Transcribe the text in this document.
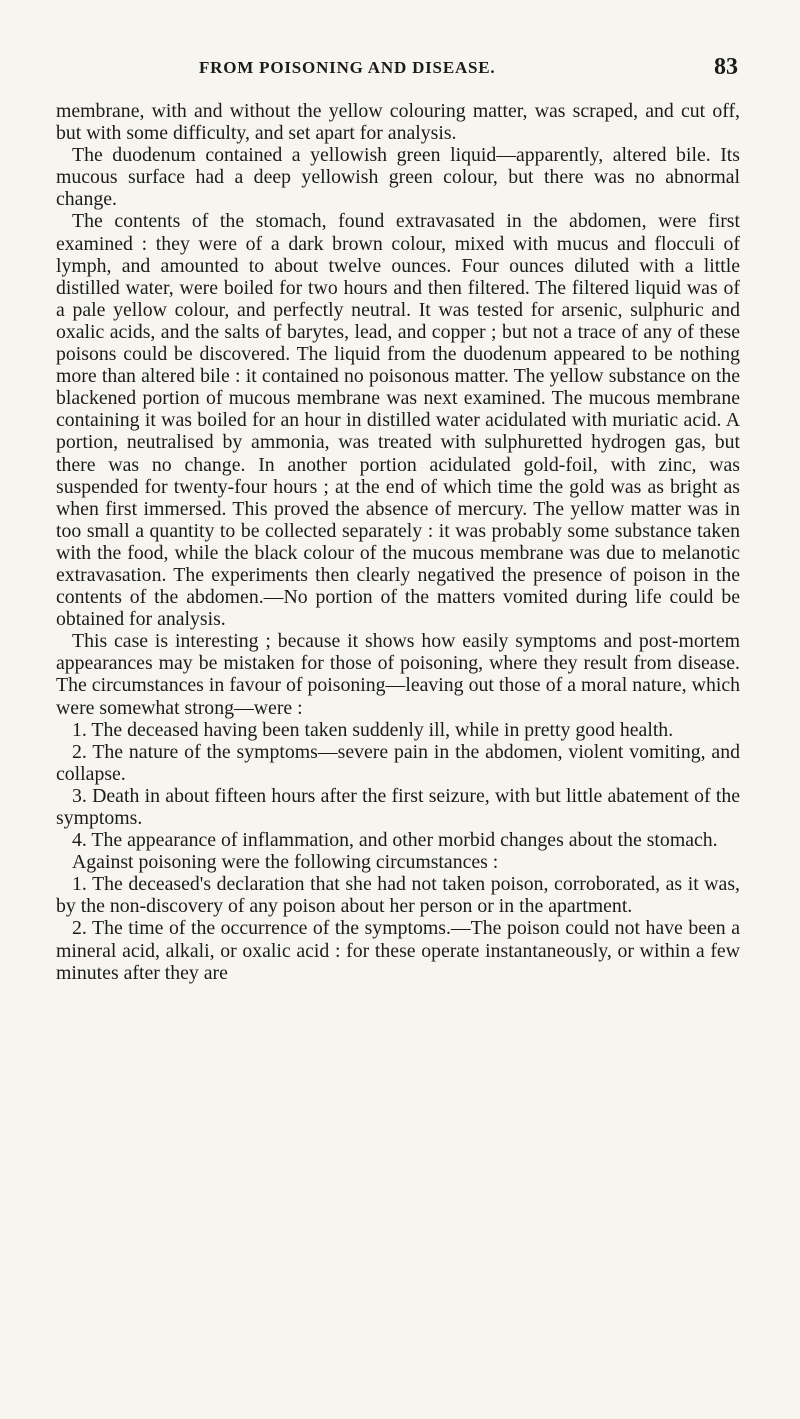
FROM POISONING AND DISEASE.	83

membrane, with and without the yellow colouring matter, was scraped, and cut off, but with some difficulty, and set apart for analysis.

The duodenum contained a yellowish green liquid—apparently, altered bile. Its mucous surface had a deep yellowish green colour, but there was no abnormal change.

The contents of the stomach, found extravasated in the abdomen, were first examined : they were of a dark brown colour, mixed with mucus and flocculi of lymph, and amounted to about twelve ounces. Four ounces diluted with a little distilled water, were boiled for two hours and then filtered. The filtered liquid was of a pale yellow colour, and perfectly neutral. It was tested for arsenic, sulphuric and oxalic acids, and the salts of barytes, lead, and copper ; but not a trace of any of these poisons could be discovered. The liquid from the duodenum appeared to be nothing more than altered bile : it contained no poisonous matter. The yellow substance on the blackened portion of mucous membrane was next examined. The mucous membrane containing it was boiled for an hour in distilled water acidulated with muriatic acid. A portion, neutralised by ammonia, was treated with sulphuretted hydrogen gas, but there was no change. In another portion acidulated gold-foil, with zinc, was suspended for twenty-four hours ; at the end of which time the gold was as bright as when first immersed. This proved the absence of mercury. The yellow matter was in too small a quantity to be collected separately : it was probably some substance taken with the food, while the black colour of the mucous membrane was due to melanotic extravasation. The experiments then clearly negatived the presence of poison in the contents of the abdomen.—No portion of the matters vomited during life could be obtained for analysis.

This case is interesting ; because it shows how easily symptoms and post-mortem appearances may be mistaken for those of poisoning, where they result from disease. The circumstances in favour of poisoning—leaving out those of a moral nature, which were somewhat strong—were :

1. The deceased having been taken suddenly ill, while in pretty good health.

2. The nature of the symptoms—severe pain in the abdomen, violent vomiting, and collapse.

3. Death in about fifteen hours after the first seizure, with but little abatement of the symptoms.

4. The appearance of inflammation, and other morbid changes about the stomach.

Against poisoning were the following circumstances :

1. The deceased's declaration that she had not taken poison, corroborated, as it was, by the non-discovery of any poison about her person or in the apartment.

2. The time of the occurrence of the symptoms.—The poison could not have been a mineral acid, alkali, or oxalic acid : for these operate instantaneously, or within a few minutes after they are
